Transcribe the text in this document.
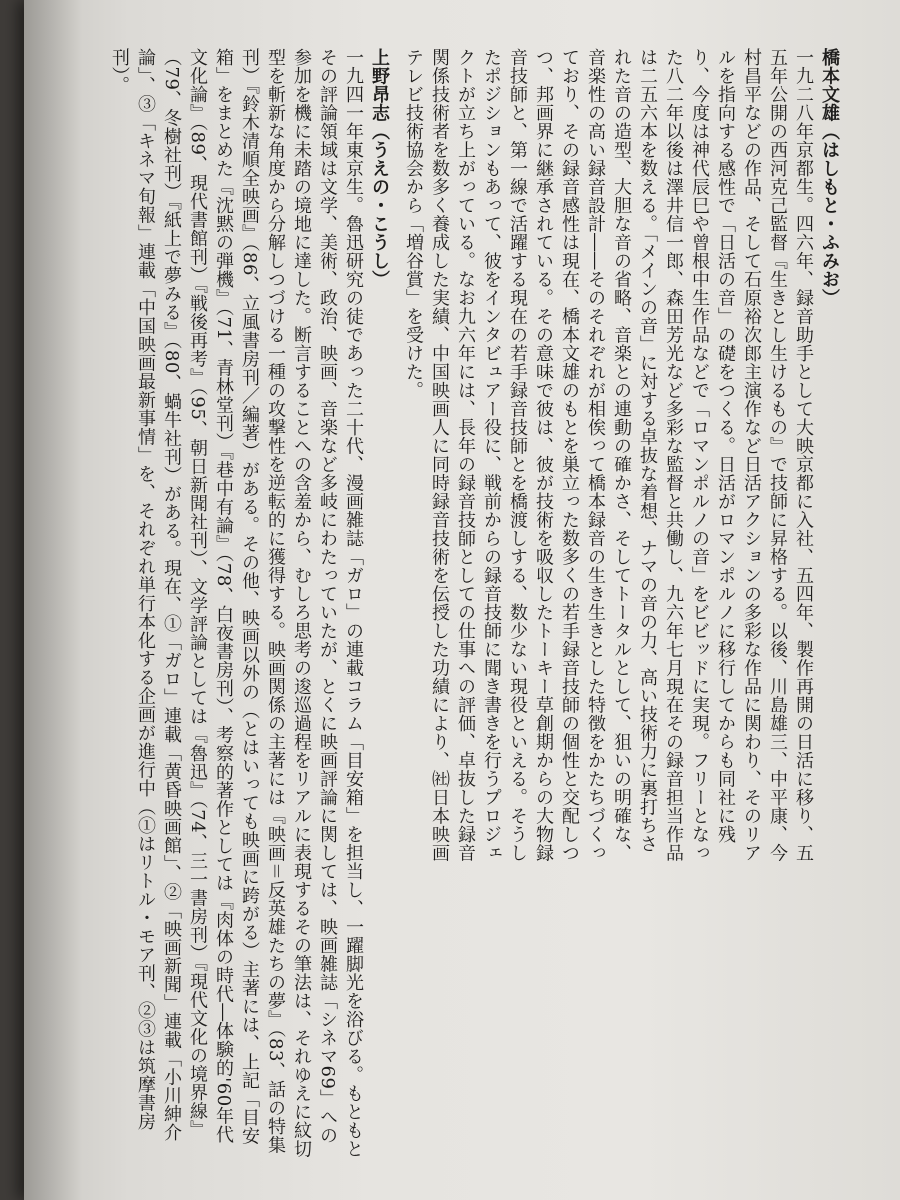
橋本文雄（はしもと・ふみお）
一九二八年京都生。四六年、録音助手として大映京都に入社、五四年、製作再開の日活に移り、五五年公開の西河克己監督『生きとし生けるもの』で技師に昇格する。以後、川島雄三、中平康、今村昌平などの作品、そして石原裕次郎主演作など日活アクションの多彩な作品に関わり、そのリアルを指向する感性で「日活の音」の礎をつくる。日活がロマンポルノに移行してからも同社に残り、今度は神代辰巳や曾根中生作品などで「ロマンポルノの音」をビビッドに実現。フリーとなった八二年以後は澤井信一郎、森田芳光など多彩な監督と共働し、九六年七月現在その録音担当作品は二五六本を数える。「メインの音」に対する卓抜な着想、ナマの音の力、高い技術力に裏打ちされた音の造型、大胆な音の省略、音楽との連動の確かさ、そしてトータルとして、狙いの明確な、音楽性の高い録音設計――そのそれぞれが相俟って橋本録音の生き生きとした特徴をかたちづくっており、その録音感性は現在、橋本文雄のもとを巣立った数多くの若手録音技師の個性と交配しつつ、邦画界に継承されている。その意味で彼は、彼が技術を吸収したトーキー草創期からの大物録音技師と、第一線で活躍する現在の若手録音技師とを橋渡しする、数少ない現役といえる。そうしたポジションもあって、彼をインタビュアー役に、戦前からの録音技師に聞き書きを行うプロジェクトが立ち上がっている。なお九六年には、長年の録音技師としての仕事への評価、卓抜した録音関係技術者を数多く養成した実績、中国映画人に同時録音技術を伝授した功績により、㈳日本映画テレビ技術協会から「増谷賞」を受けた。
上野昂志（うえの・こうし）
一九四一年東京生。魯迅研究の徒であった二十代、漫画雑誌「ガロ」の連載コラム「目安箱」を担当し、一躍脚光を浴びる。もともとその評論領域は文学、美術、政治、映画、音楽など多岐にわたっていたが、とくに映画評論に関しては、映画雑誌「シネマ69」への参加を機に未踏の境地に達した。断言することへの含羞から、むしろ思考の逡巡過程をリアルに表現するその筆法は、それゆえに紋切型を斬新な角度から分解しつづける一種の攻撃性を逆転的に獲得する。映画関係の主著には『映画＝反英雄たちの夢』（83、話の特集刊）『鈴木清順全映画』（86、立風書房刊／編著）がある。その他、映画以外の（とはいっても映画に跨がる）主著には、上記「目安箱」をまとめた『沈黙の弾機』（71、青林堂刊）『巷中有論』（78、白夜書房刊）、考察的著作としては『肉体の時代―体験的'60年代文化論』（89、現代書館刊）『戦後再考』（95、朝日新聞社刊）、文学評論としては『魯迅』（74、三一書房刊）『現代文化の境界線』（79、冬樹社刊）『紙上で夢みる』（80、蝸牛社刊）がある。現在、①「ガロ」連載「黄昏映画館」、②「映画新聞」連載「小川紳介論」、③「キネマ旬報」連載「中国映画最新事情」を、それぞれ単行本化する企画が進行中（①はリトル・モア刊、②③は筑摩書房刊）。
